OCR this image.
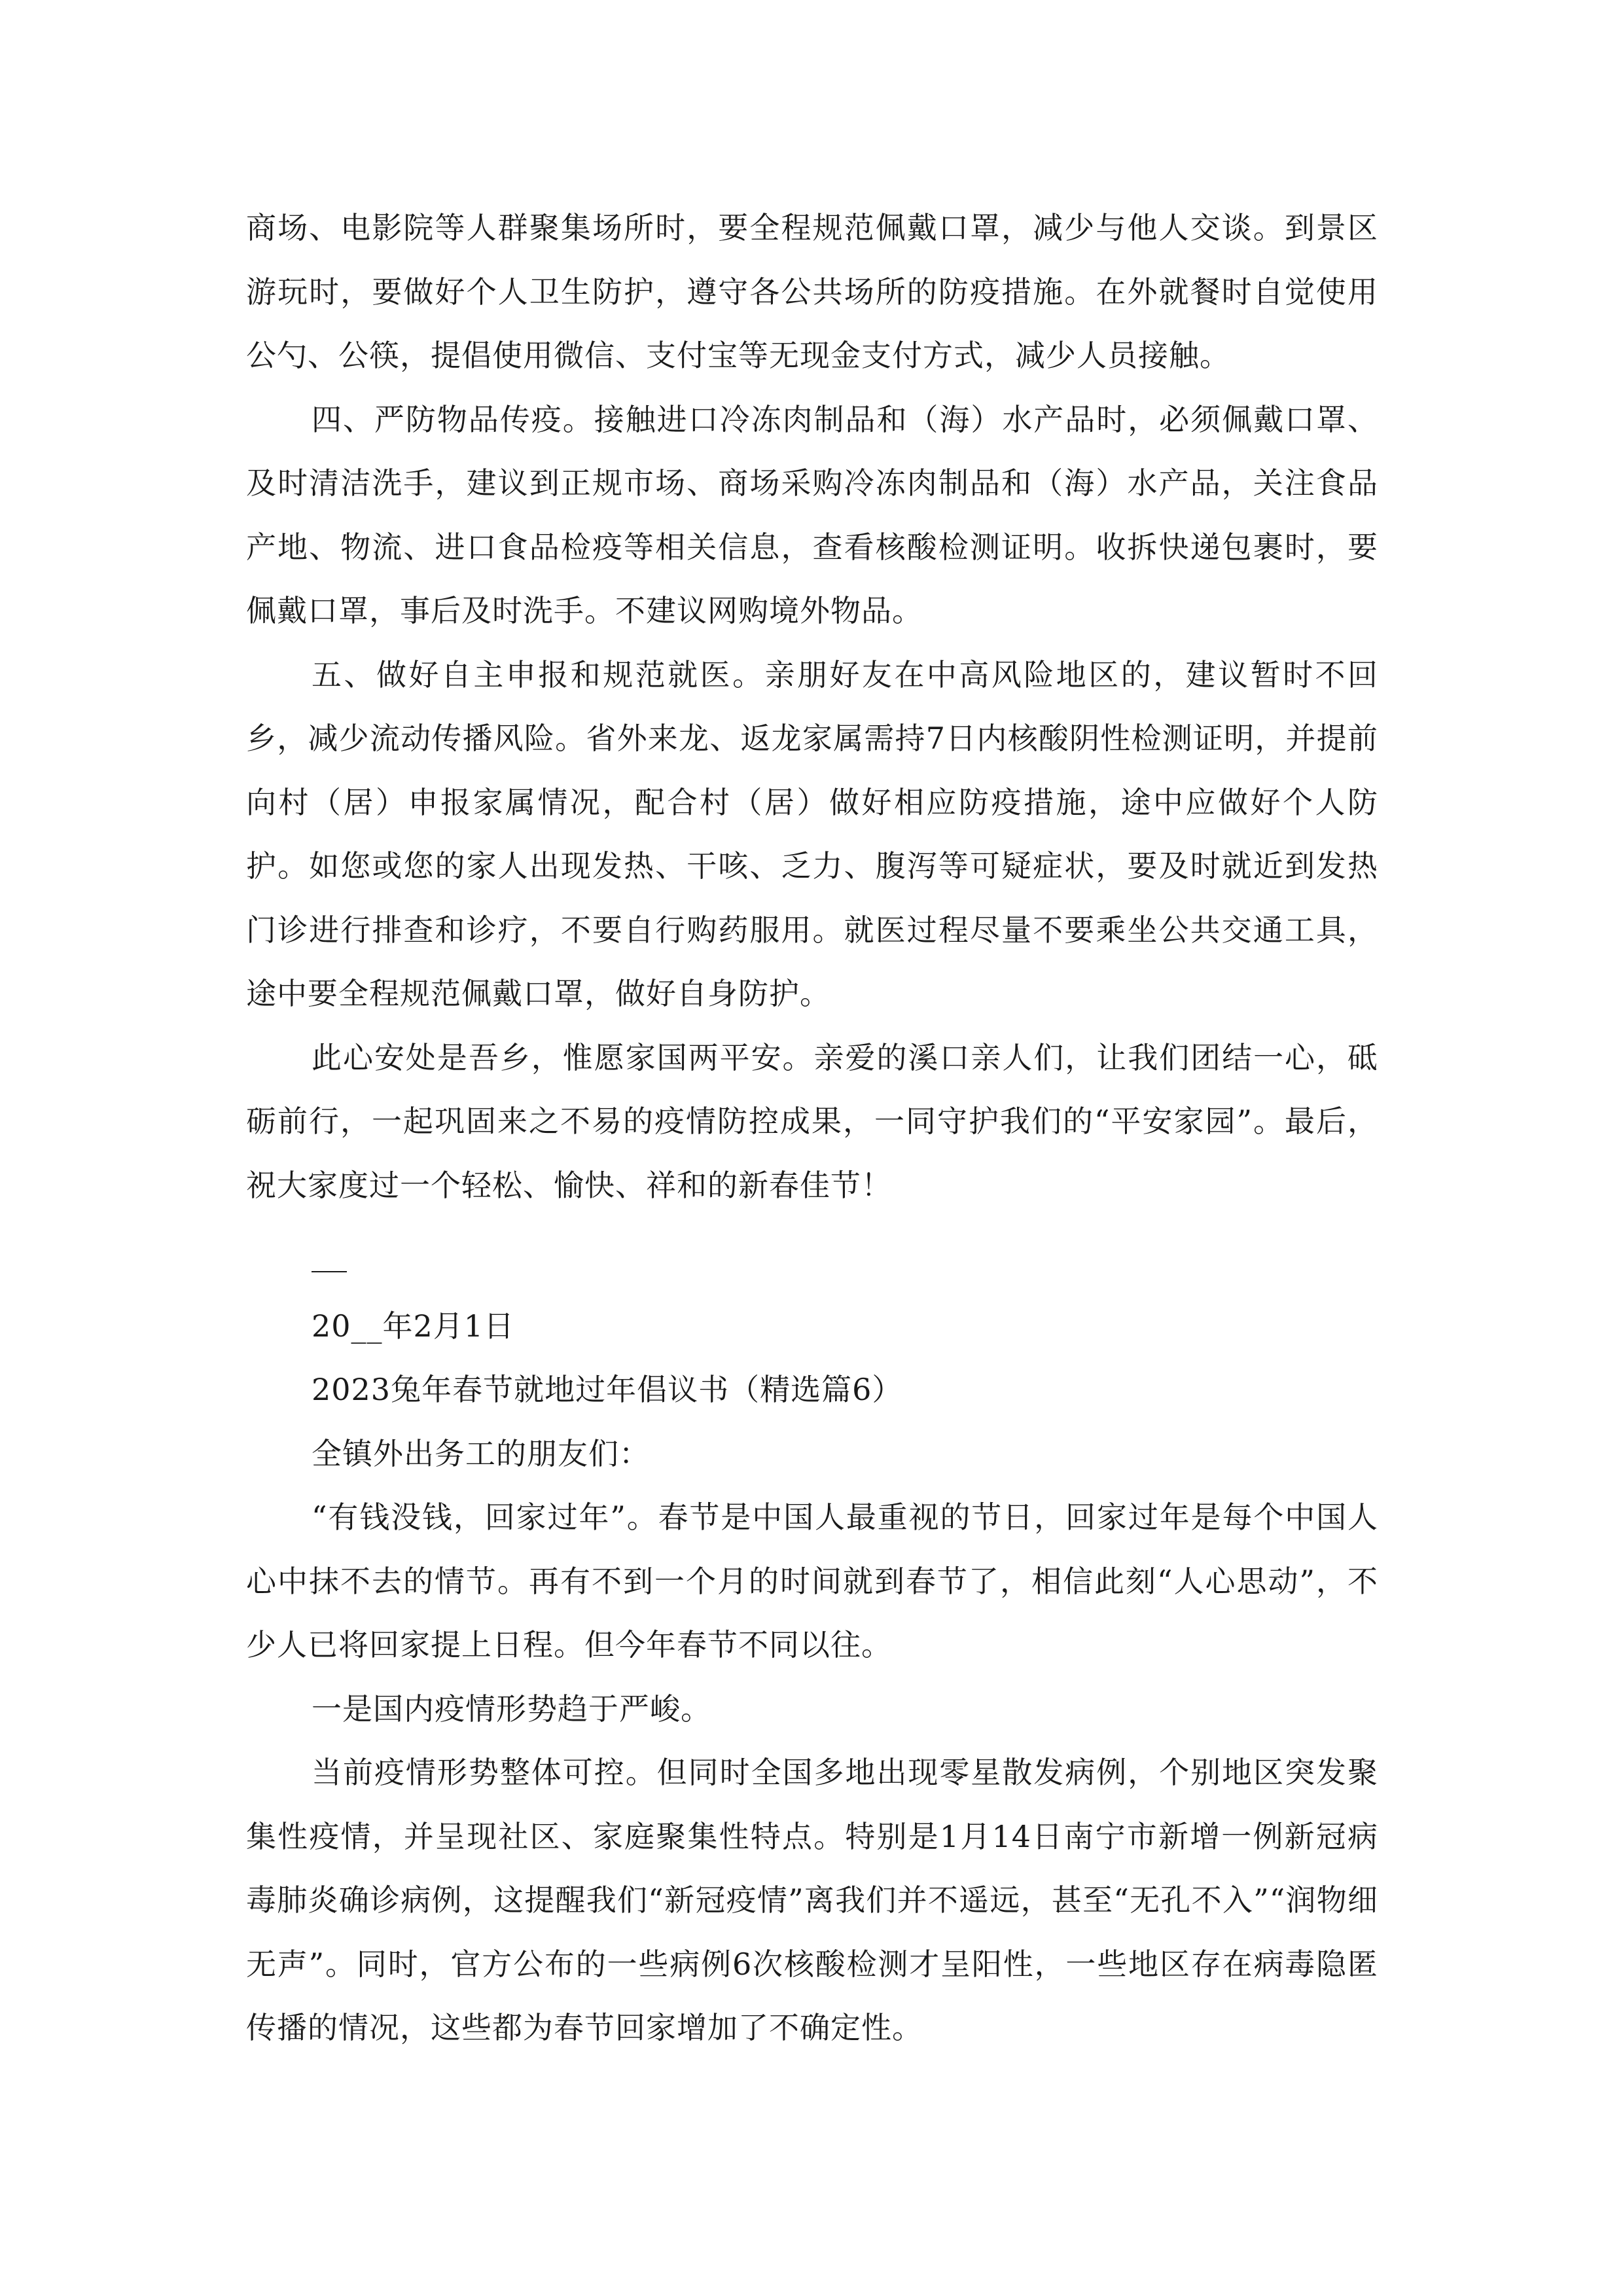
商场、电影院等人群聚集场所时，要全程规范佩戴口罩，减少与他人交谈。到景区游玩时，要做好个人卫生防护，遵守各公共场所的防疫措施。在外就餐时自觉使用公勺、公筷，提倡使用微信、支付宝等无现金支付方式，减少人员接触。

四、严防物品传疫。接触进口冷冻肉制品和（海）水产品时，必须佩戴口罩、及时清洁洗手，建议到正规市场、商场采购冷冻肉制品和（海）水产品，关注食品产地、物流、进口食品检疫等相关信息，查看核酸检测证明。收拆快递包裹时，要佩戴口罩，事后及时洗手。不建议网购境外物品。

五、做好自主申报和规范就医。亲朋好友在中高风险地区的，建议暂时不回乡，减少流动传播风险。省外来龙、返龙家属需持7日内核酸阴性检测证明，并提前向村（居）申报家属情况，配合村（居）做好相应防疫措施，途中应做好个人防护。如您或您的家人出现发热、干咳、乏力、腹泻等可疑症状，要及时就近到发热门诊进行排查和诊疗，不要自行购药服用。就医过程尽量不要乘坐公共交通工具，途中要全程规范佩戴口罩，做好自身防护。

此心安处是吾乡，惟愿家国两平安。亲爱的溪口亲人们，让我们团结一心，砥砺前行，一起巩固来之不易的疫情防控成果，一同守护我们的“平安家园”。最后，祝大家度过一个轻松、愉快、祥和的新春佳节！

20__年2月1日

2023兔年春节就地过年倡议书（精选篇6）

全镇外出务工的朋友们：

“有钱没钱，回家过年”。春节是中国人最重视的节日，回家过年是每个中国人心中抹不去的情节。再有不到一个月的时间就到春节了，相信此刻“人心思动”，不少人已将回家提上日程。但今年春节不同以往。

一是国内疫情形势趋于严峻。

当前疫情形势整体可控。但同时全国多地出现零星散发病例，个别地区突发聚集性疫情，并呈现社区、家庭聚集性特点。特别是1月14日南宁市新增一例新冠病毒肺炎确诊病例，这提醒我们“新冠疫情”离我们并不遥远，甚至“无孔不入”“润物细无声”。同时，官方公布的一些病例6次核酸检测才呈阳性，一些地区存在病毒隐匿传播的情况，这些都为春节回家增加了不确定性。
